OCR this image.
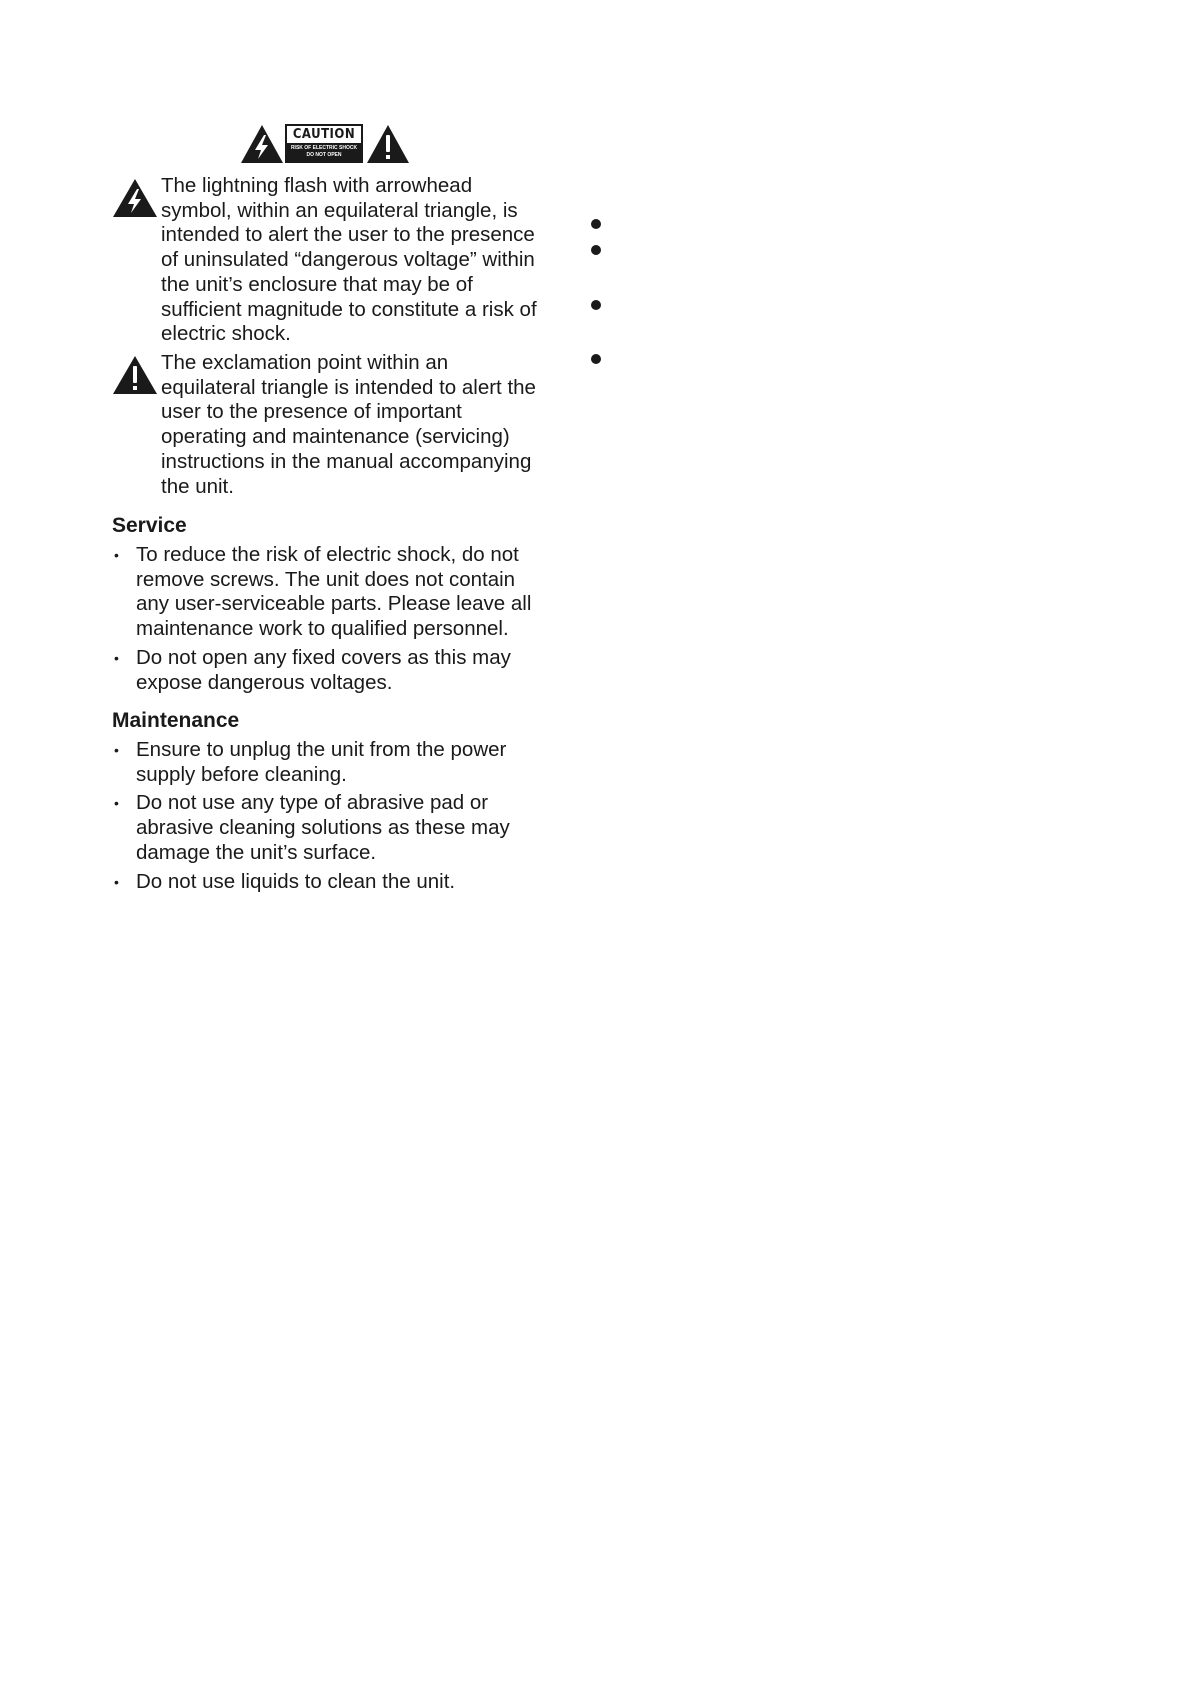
CAUTION
RISK OF ELECTRIC SHOCK
DO NOT OPEN
The lightning flash with arrowhead symbol, within an equilateral triangle, is intended to alert the user to the presence of uninsulated “dangerous voltage” within the unit’s enclosure that may be of sufficient magnitude to constitute a risk of electric shock.
The exclamation point within an equilateral triangle is intended to alert the user to the presence of important operating and maintenance (servicing) instructions in the manual accompanying the unit.
Service
• To reduce the risk of electric shock, do not remove screws. The unit does not contain any user-serviceable parts. Please leave all maintenance work to qualified personnel.
• Do not open any fixed covers as this may expose dangerous voltages.
Maintenance
• Ensure to unplug the unit from the power supply before cleaning.
• Do not use any type of abrasive pad or abrasive cleaning solutions as these may damage the unit’s surface.
• Do not use liquids to clean the unit.
